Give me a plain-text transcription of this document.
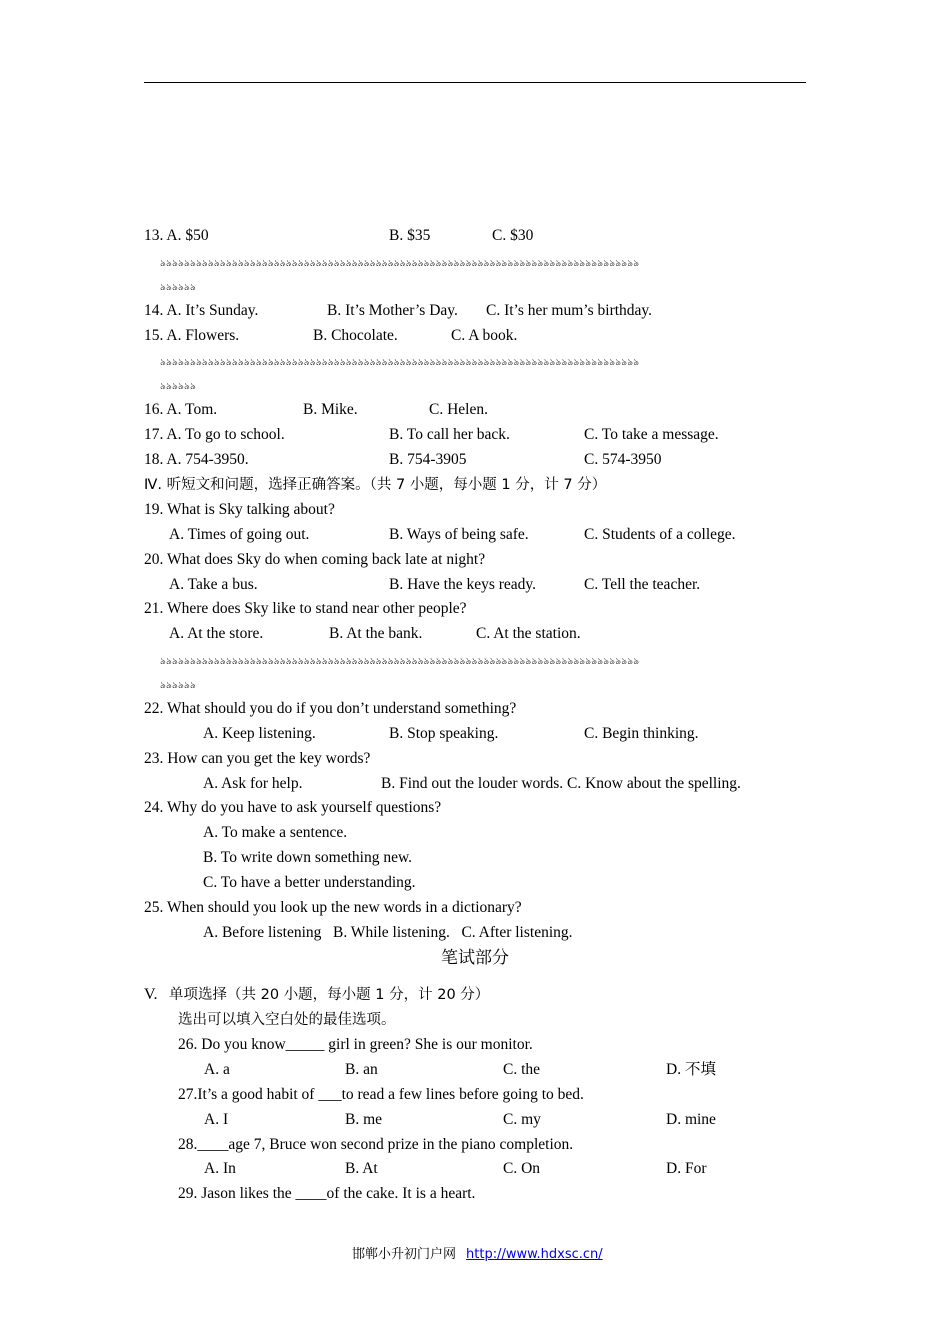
13. A. $50	B. $35	C. $30
৯৯৯৯৯৯৯৯৯৯৯৯৯৯৯৯৯৯৯৯৯৯৯৯৯৯৯৯৯৯৯৯৯৯৯৯৯৯৯৯৯৯৯৯৯৯৯৯৯৯৯৯৯৯৯৯৯৯৯৯৯৯৯৯৯৯৯৯৯৯৯৯৯৯৯৯৯৯৯৯
৯৯৯৯৯৯
14. A. It’s Sunday.	B. It’s Mother’s Day. C. It’s her mum’s birthday.
15. A. Flowers.	B. Chocolate.	C. A book.
৯৯৯৯৯৯৯৯৯৯৯৯৯৯৯৯৯৯৯৯৯৯৯৯৯৯৯৯৯৯৯৯৯৯৯৯৯৯৯৯৯৯৯৯৯৯৯৯৯৯৯৯৯৯৯৯৯৯৯৯৯৯৯৯৯৯৯৯৯৯৯৯৯৯৯৯৯৯৯৯
৯৯৯৯৯৯
16. A. Tom.	B. Mike.	C. Helen.
17. A. To go to school.	B. To call her back.	C. To take a message.
18. A. 754-3950.	B. 754-3905	C. 574-3950
Ⅳ. 听短文和问题，选择正确答案。（共 7 小题，每小题 1 分，计 7 分）
19. What is Sky talking about?
A. Times of going out.	B. Ways of being safe.	C. Students of a college.
20. What does Sky do when coming back late at night?
A. Take a bus.	B. Have the keys ready.	C. Tell the teacher.
21. Where does Sky like to stand near other people?
A. At the store.	B. At the bank.	C. At the station.
৯৯৯৯৯৯৯৯৯৯৯৯৯৯৯৯৯৯৯৯৯৯৯৯৯৯৯৯৯৯৯৯৯৯৯৯৯৯৯৯৯৯৯৯৯৯৯৯৯৯৯৯৯৯৯৯৯৯৯৯৯৯৯৯৯৯৯৯৯৯৯৯৯৯৯৯৯৯৯৯
৯৯৯৯৯৯
22. What should you do if you don’t understand something?
A. Keep listening.	B. Stop speaking.	C. Begin thinking.
23. How can you get the key words?
A. Ask for help.	B. Find out the louder words. C. Know about the spelling.
24. Why do you have to ask yourself questions?
A. To make a sentence.
B. To write down something new.
C. To have a better understanding.
25. When should you look up the new words in a dictionary?
A. Before listening   B. While listening.   C. After listening.
笔试部分
V. 单项选择（共 20 小题，每小题 1 分，计 20 分）
选出可以填入空白处的最佳选项。
26. Do you know_____ girl in green? She is our monitor.
A. a	B. an	C. the	D. 不填
27.It’s a good habit of ___to read a few lines before going to bed.
A. I	B. me	C. my	D. mine
28.____age 7, Bruce won second prize in the piano completion.
A. In	B. At	C. On	D. For
29. Jason likes the ____of the cake. It is a heart.
邯郸小升初门户网 http://www.hdxsc.cn/
